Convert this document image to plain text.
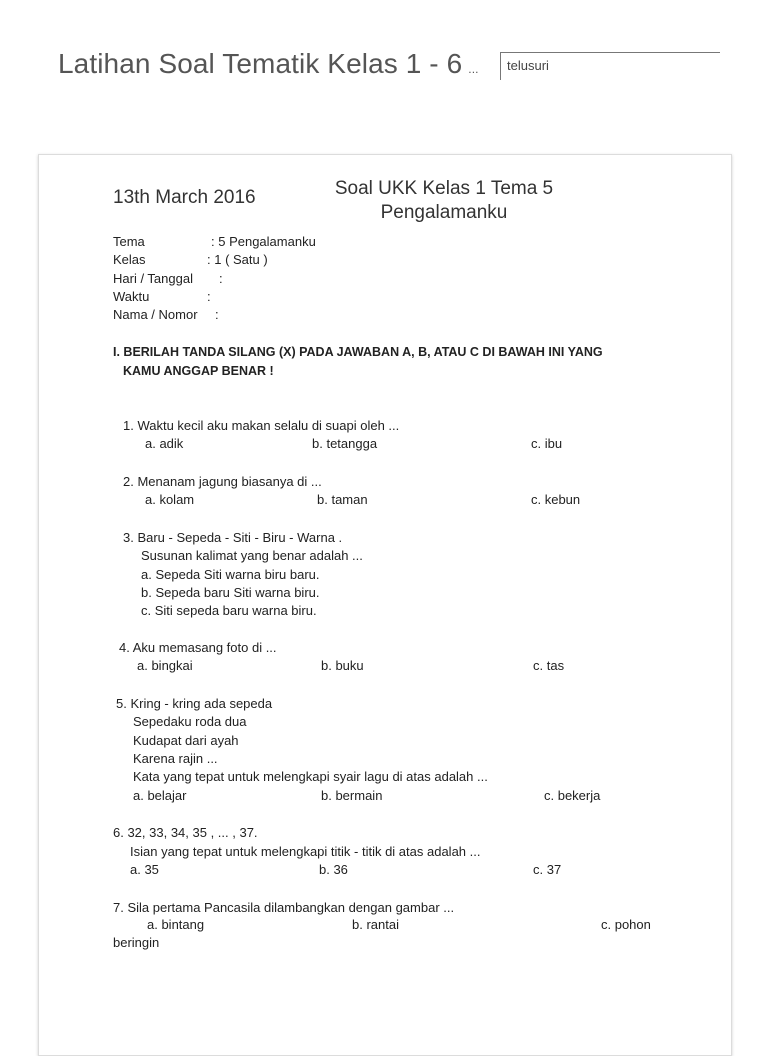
Latihan Soal Tematik Kelas 1 - 6 ...
telusuri
13th March 2016	Soal UKK Kelas 1 Tema 5 Pengalamanku
Tema	: 5 Pengalamanku
Kelas	: 1 ( Satu )
Hari / Tanggal :
Waktu	:
Nama / Nomor :
I. BERILAH TANDA SILANG (X) PADA JAWABAN A, B, ATAU C DI BAWAH INI YANG
KAMU ANGGAP BENAR !
1. Waktu kecil aku makan selalu di suapi oleh ...
a. adik	b. tetangga	c. ibu
2. Menanam jagung biasanya di ...
a. kolam	b. taman	c. kebun
3. Baru - Sepeda - Siti - Biru - Warna .
Susunan kalimat yang benar adalah ...
a. Sepeda Siti warna biru baru.
b. Sepeda baru Siti warna biru.
c. Siti sepeda baru warna biru.
4. Aku memasang foto di ...
a. bingkai	b. buku	c. tas
5. Kring - kring ada sepeda
Sepedaku roda dua
Kudapat dari ayah
Karena rajin ...
Kata yang tepat untuk melengkapi syair lagu di atas adalah ...
a. belajar	b. bermain	c. bekerja
6. 32, 33, 34, 35 , ... , 37.
Isian yang tepat untuk melengkapi titik - titik di atas adalah ...
a. 35	b. 36	c. 37
7. Sila pertama Pancasila dilambangkan dengan gambar ...
a. bintang	b. rantai	c. pohon
beringin
